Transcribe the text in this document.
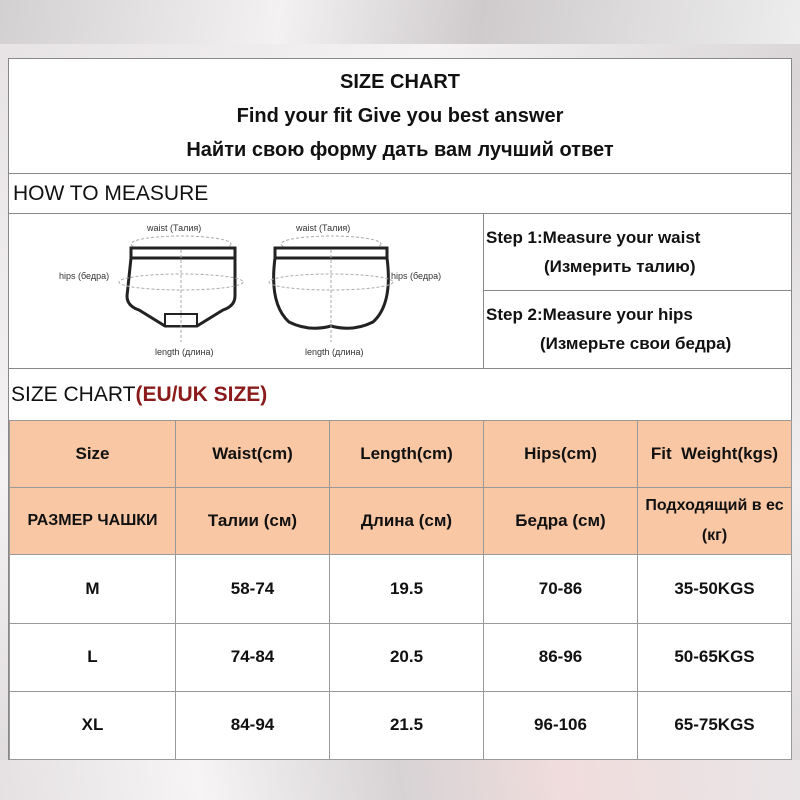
SIZE CHART
Find your fit Give you best answer
Найти свою форму дать вам лучший ответ
HOW TO MEASURE
waist (Талия)
hips (бедра)
length (длина)
waist (Талия)
hips (бедра)
length (длина)
Step 1:Measure your waist
(Измерить талию)
Step 2:Measure your hips
(Измерьте свои бедра)
SIZE CHART(EU/UK SIZE)
Size	Waist(cm)	Length(cm)	Hips(cm)	Fit  Weight(kgs)
РАЗМЕР ЧАШКИ	Талии (см)	Длина (см)	Бедра (см)	Подходящий в ес (кг)
M	58-74	19.5	70-86	35-50KGS
L	74-84	20.5	86-96	50-65KGS
XL	84-94	21.5	96-106	65-75KGS
